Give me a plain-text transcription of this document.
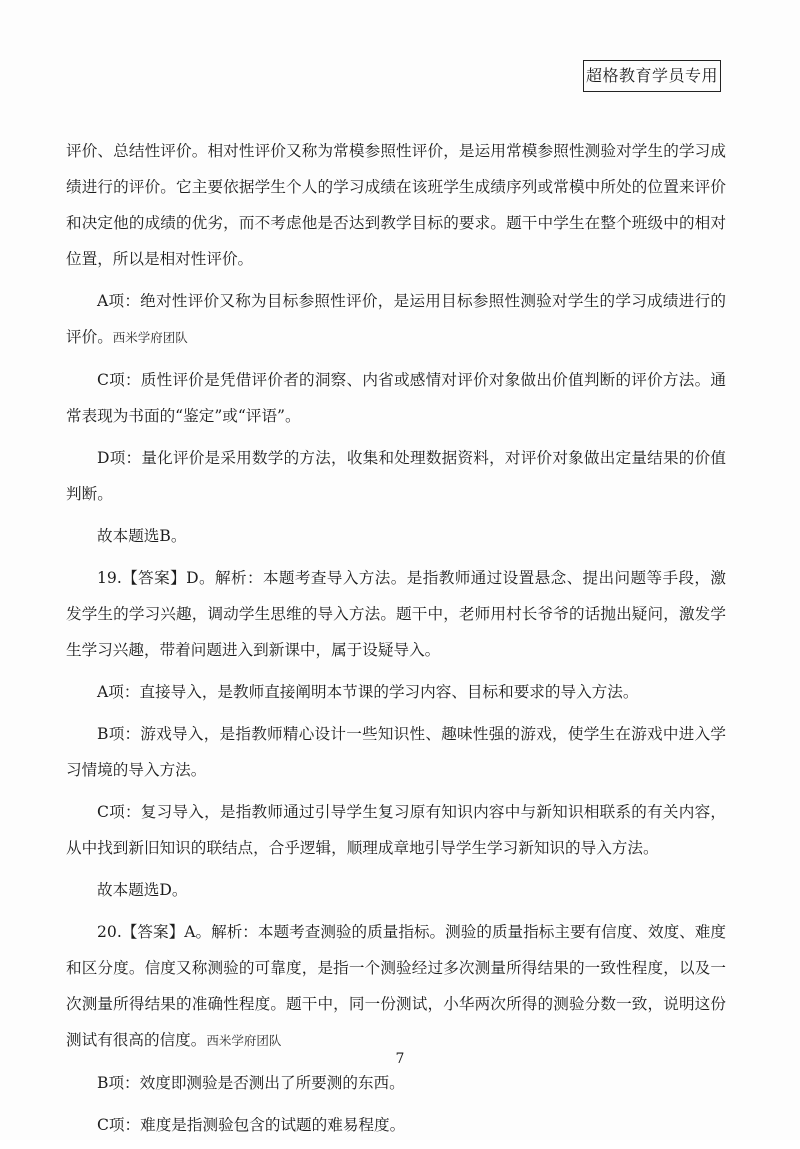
超格教育学员专用

评价、总结性评价。相对性评价又称为常模参照性评价，是运用常模参照性测验对学生的学习成绩进行的评价。它主要依据学生个人的学习成绩在该班学生成绩序列或常模中所处的位置来评价和决定他的成绩的优劣，而不考虑他是否达到教学目标的要求。题干中学生在整个班级中的相对位置，所以是相对性评价。

A项：绝对性评价又称为目标参照性评价，是运用目标参照性测验对学生的学习成绩进行的评价。西米学府团队

C项：质性评价是凭借评价者的洞察、内省或感情对评价对象做出价值判断的评价方法。通常表现为书面的“鉴定”或“评语”。

D项：量化评价是采用数学的方法，收集和处理数据资料，对评价对象做出定量结果的价值判断。

故本题选B。

19.【答案】D。解析：本题考查导入方法。是指教师通过设置悬念、提出问题等手段，激发学生的学习兴趣，调动学生思维的导入方法。题干中，老师用村长爷爷的话抛出疑问，激发学生学习兴趣，带着问题进入到新课中，属于设疑导入。

A项：直接导入，是教师直接阐明本节课的学习内容、目标和要求的导入方法。

B项：游戏导入，是指教师精心设计一些知识性、趣味性强的游戏，使学生在游戏中进入学习情境的导入方法。

C项：复习导入，是指教师通过引导学生复习原有知识内容中与新知识相联系的有关内容，从中找到新旧知识的联结点，合乎逻辑，顺理成章地引导学生学习新知识的导入方法。

故本题选D。

20.【答案】A。解析：本题考查测验的质量指标。测验的质量指标主要有信度、效度、难度和区分度。信度又称测验的可靠度，是指一个测验经过多次测量所得结果的一致性程度，以及一次测量所得结果的准确性程度。题干中，同一份测试，小华两次所得的测验分数一致，说明这份测试有很高的信度。西米学府团队

B项：效度即测验是否测出了所要测的东西。

C项：难度是指测验包含的试题的难易程度。

7
